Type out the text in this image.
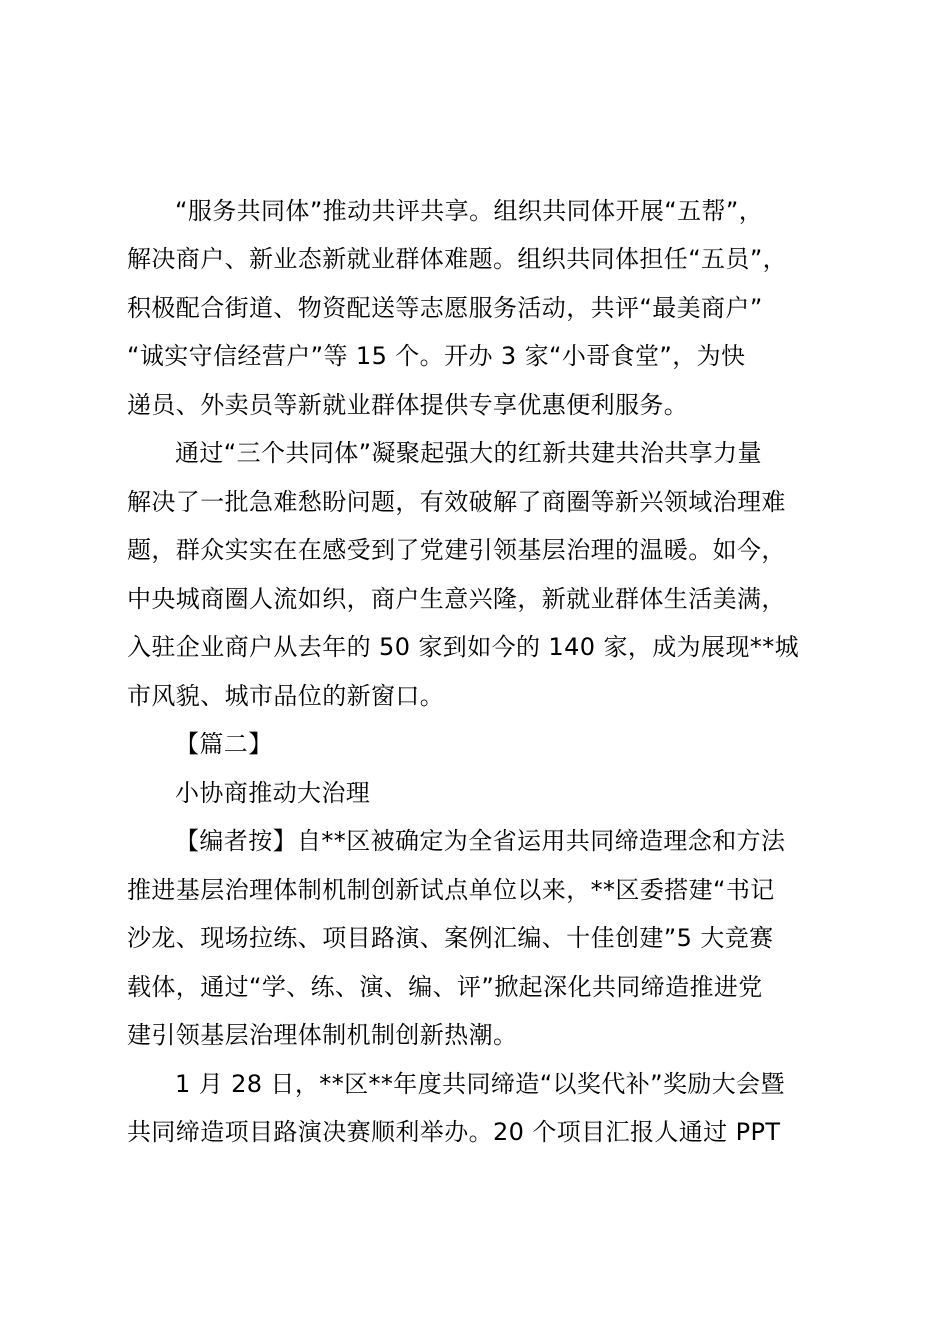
“服务共同体”推动共评共享。组织共同体开展“五帮”，
解决商户、新业态新就业群体难题。组织共同体担任“五员”，
积极配合街道、物资配送等志愿服务活动，共评“最美商户”
“诚实守信经营户”等 15 个。开办 3 家“小哥食堂”，为快
递员、外卖员等新就业群体提供专享优惠便利服务。
通过“三个共同体”凝聚起强大的红新共建共治共享力量
解决了一批急难愁盼问题，有效破解了商圈等新兴领域治理难
题，群众实实在在感受到了党建引领基层治理的温暖。如今，
中央城商圈人流如织，商户生意兴隆，新就业群体生活美满，
入驻企业商户从去年的 50 家到如今的 140 家，成为展现**城
市风貌、城市品位的新窗口。
【篇二】
小协商推动大治理
【编者按】自**区被确定为全省运用共同缔造理念和方法
推进基层治理体制机制创新试点单位以来，**区委搭建“书记
沙龙、现场拉练、项目路演、案例汇编、十佳创建”5 大竞赛
载体，通过“学、练、演、编、评”掀起深化共同缔造推进党
建引领基层治理体制机制创新热潮。
1 月 28 日，**区**年度共同缔造“以奖代补”奖励大会暨
共同缔造项目路演决赛顺利举办。20 个项目汇报人通过 PPT
